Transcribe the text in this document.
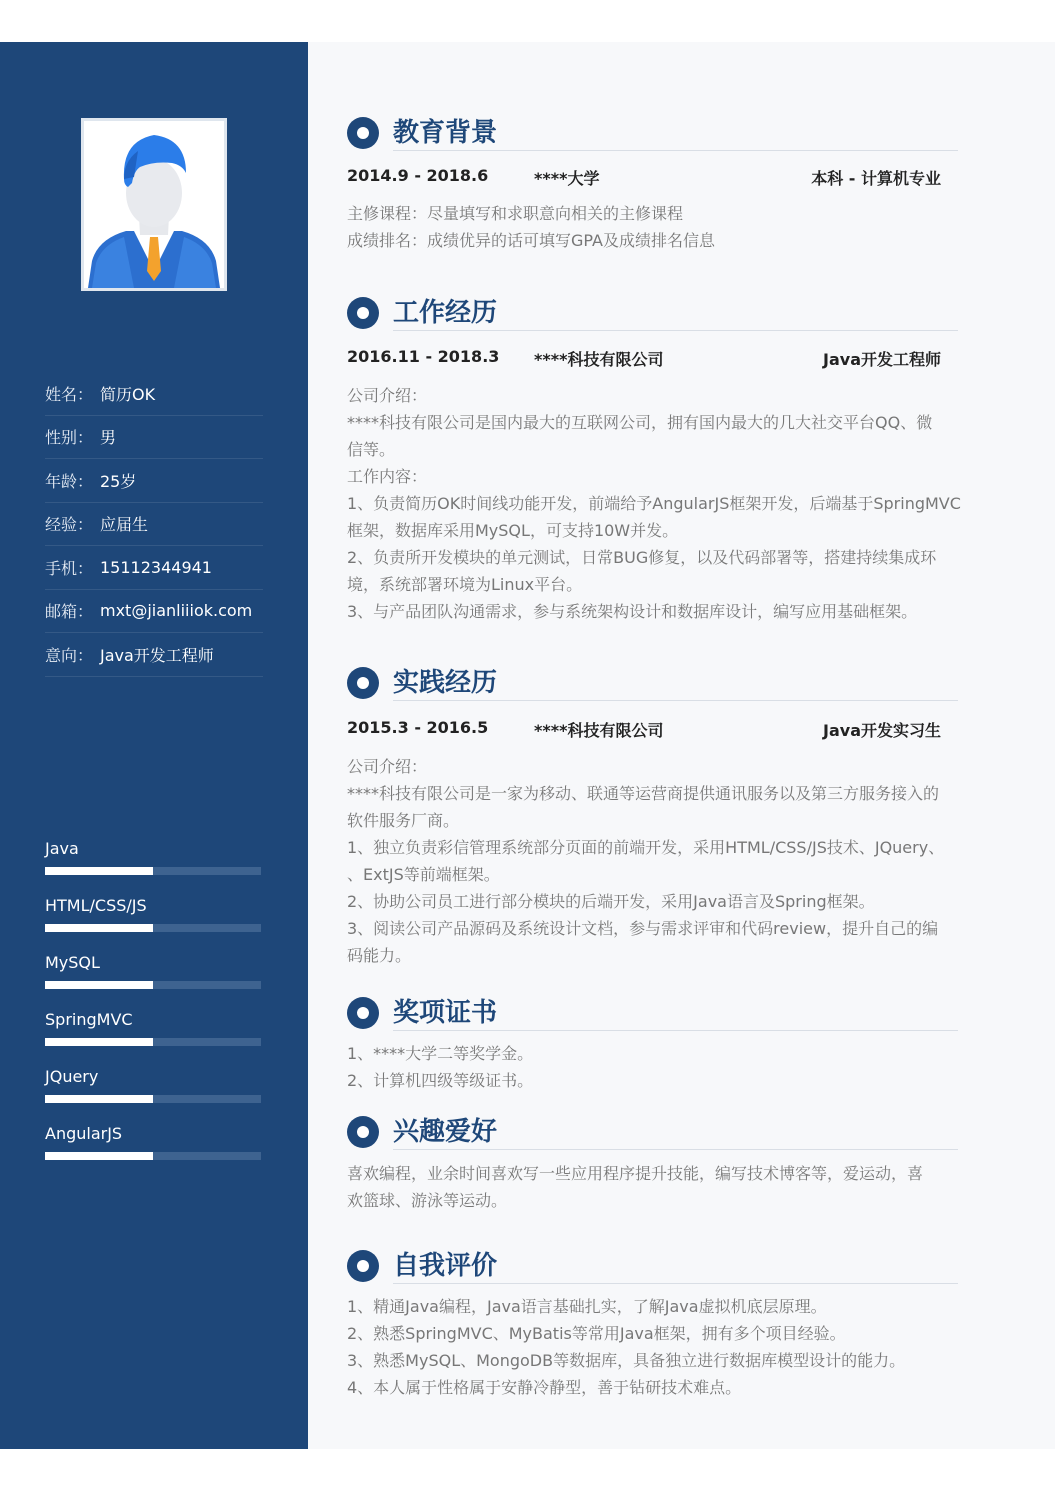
姓名： 简历OK
性别： 男
年龄： 25岁
经验： 应届生
手机： 15112344941
邮箱： mxt@jianliiiok.com
意向： Java开发工程师
Java
HTML/CSS/JS
MySQL
SpringMVC
JQuery
AngularJS
教育背景
2014.9 - 2018.6	****大学	本科 - 计算机专业
主修课程：尽量填写和求职意向相关的主修课程
成绩排名：成绩优异的话可填写GPA及成绩排名信息
工作经历
2016.11 - 2018.3 ****科技有限公司	Java开发工程师
公司介绍：
****科技有限公司是国内最大的互联网公司，拥有国内最大的几大社交平台QQ、微
信等。
工作内容：
1、负责简历OK时间线功能开发，前端给予AngularJS框架开发，后端基于SpringMVC
框架，数据库采用MySQL，可支持10W并发。
2、负责所开发模块的单元测试，日常BUG修复，以及代码部署等，搭建持续集成环
境，系统部署环境为Linux平台。
3、与产品团队沟通需求，参与系统架构设计和数据库设计，编写应用基础框架。
实践经历
2015.3 - 2016.5	****科技有限公司	Java开发实习生
公司介绍：
****科技有限公司是一家为移动、联通等运营商提供通讯服务以及第三方服务接入的
软件服务厂商。
1、独立负责彩信管理系统部分页面的前端开发，采用HTML/CSS/JS技术、JQuery、
、ExtJS等前端框架。
2、协助公司员工进行部分模块的后端开发，采用Java语言及Spring框架。
3、阅读公司产品源码及系统设计文档，参与需求评审和代码review，提升自己的编
码能力。
奖项证书
1、****大学二等奖学金。
2、计算机四级等级证书。
兴趣爱好
喜欢编程，业余时间喜欢写一些应用程序提升技能，编写技术博客等，爱运动，喜
欢篮球、游泳等运动。
自我评价
1、精通Java编程，Java语言基础扎实，了解Java虚拟机底层原理。
2、熟悉SpringMVC、MyBatis等常用Java框架，拥有多个项目经验。
3、熟悉MySQL、MongoDB等数据库，具备独立进行数据库模型设计的能力。
4、本人属于性格属于安静冷静型，善于钻研技术难点。
